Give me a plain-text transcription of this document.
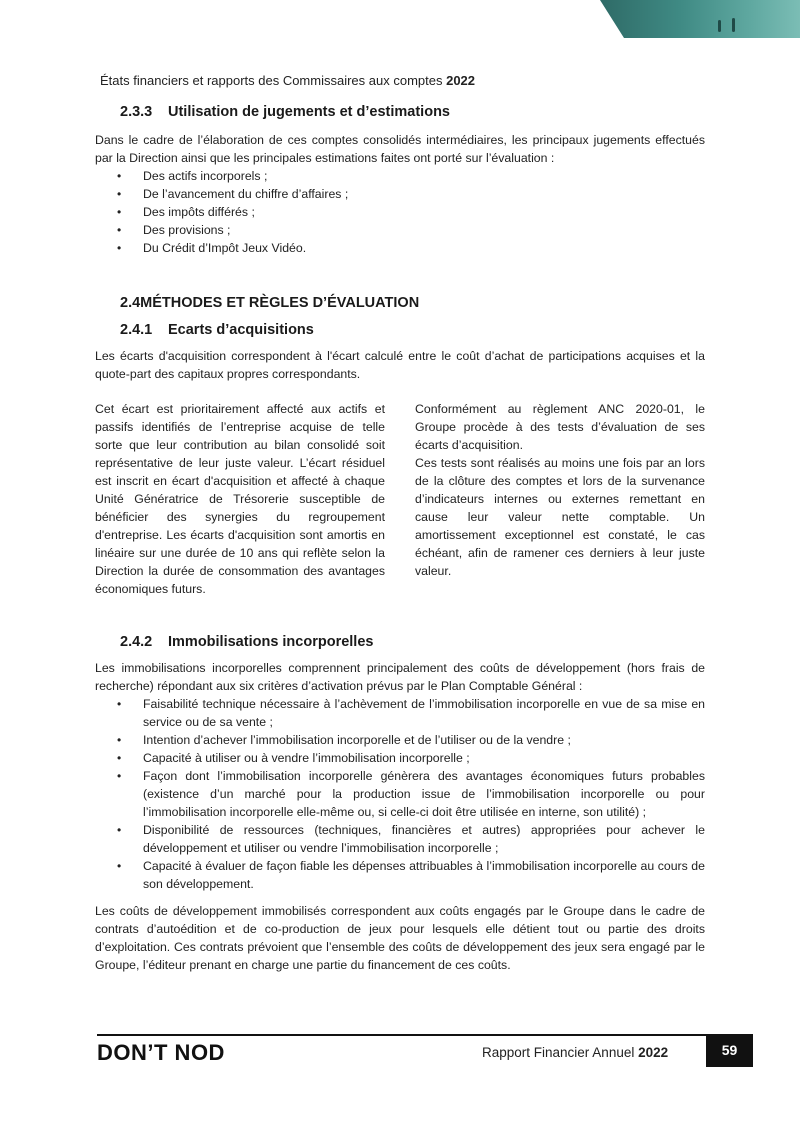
États financiers et rapports des Commissaires aux comptes 2022
2.3.3 Utilisation de jugements et d’estimations

Dans le cadre de l’élaboration de ces comptes consolidés intermédiaires, les principaux jugements effectués par la Direction ainsi que les principales estimations faites ont porté sur l’évaluation :

• Des actifs incorporels ;
• De l’avancement du chiffre d’affaires ;
• Des impôts différés ;
• Des provisions ;
• Du Crédit d’Impôt Jeux Vidéo.
2.4MÉTHODES ET RÈGLES D’ÉVALUATION
2.4.1 Ecarts d’acquisitions

Les écarts d'acquisition correspondent à l'écart calculé entre le coût d’achat de participations acquises et la quote-part des capitaux propres correspondants.

Cet écart est prioritairement affecté aux actifs et passifs identifiés de l’entreprise acquise de telle sorte que leur contribution au bilan consolidé soit représentative de leur juste valeur. L’écart résiduel est inscrit en écart d'acquisition et affecté à chaque Unité Génératrice de Trésorerie susceptible de bénéficier des synergies du regroupement d'entreprise. Les écarts d'acquisition sont amortis en linéaire sur une durée de 10 ans qui reflète selon la Direction la durée de consommation des avantages économiques futurs.

Conformément au règlement ANC 2020-01, le Groupe procède à des tests d’évaluation de ses écarts d’acquisition.

Ces tests sont réalisés au moins une fois par an lors de la clôture des comptes et lors de la survenance d’indicateurs internes ou externes remettant en cause leur valeur nette comptable. Un amortissement exceptionnel est constaté, le cas échéant, afin de ramener ces derniers à leur juste valeur.

2.4.2 Immobilisations incorporelles

Les immobilisations incorporelles comprennent principalement des coûts de développement (hors frais de recherche) répondant aux six critères d’activation prévus par le Plan Comptable Général :

• Faisabilité technique nécessaire à l’achèvement de l’immobilisation incorporelle en vue de sa mise en service ou de sa vente ;
• Intention d’achever l’immobilisation incorporelle et de l’utiliser ou de la vendre ;
• Capacité à utiliser ou à vendre l’immobilisation incorporelle ;
• Façon dont l’immobilisation incorporelle génèrera des avantages économiques futurs probables (existence d’un marché pour la production issue de l’immobilisation incorporelle ou pour l’immobilisation incorporelle elle-même ou, si celle-ci doit être utilisée en interne, son utilité) ;
• Disponibilité de ressources (techniques, financières et autres) appropriées pour achever le développement et utiliser ou vendre l’immobilisation incorporelle ;
• Capacité à évaluer de façon fiable les dépenses attribuables à l’immobilisation incorporelle au cours de son développement.

Les coûts de développement immobilisés correspondent aux coûts engagés par le Groupe dans le cadre de contrats d’autoédition et de co-production de jeux pour lesquels elle détient tout ou partie des droits d’exploitation. Ces contrats prévoient que l’ensemble des coûts de développement des jeux sera engagé par le Groupe, l’éditeur prenant en charge une partie du financement de ces coûts.

DON’T NOD	Rapport Financier Annuel 2022	59
